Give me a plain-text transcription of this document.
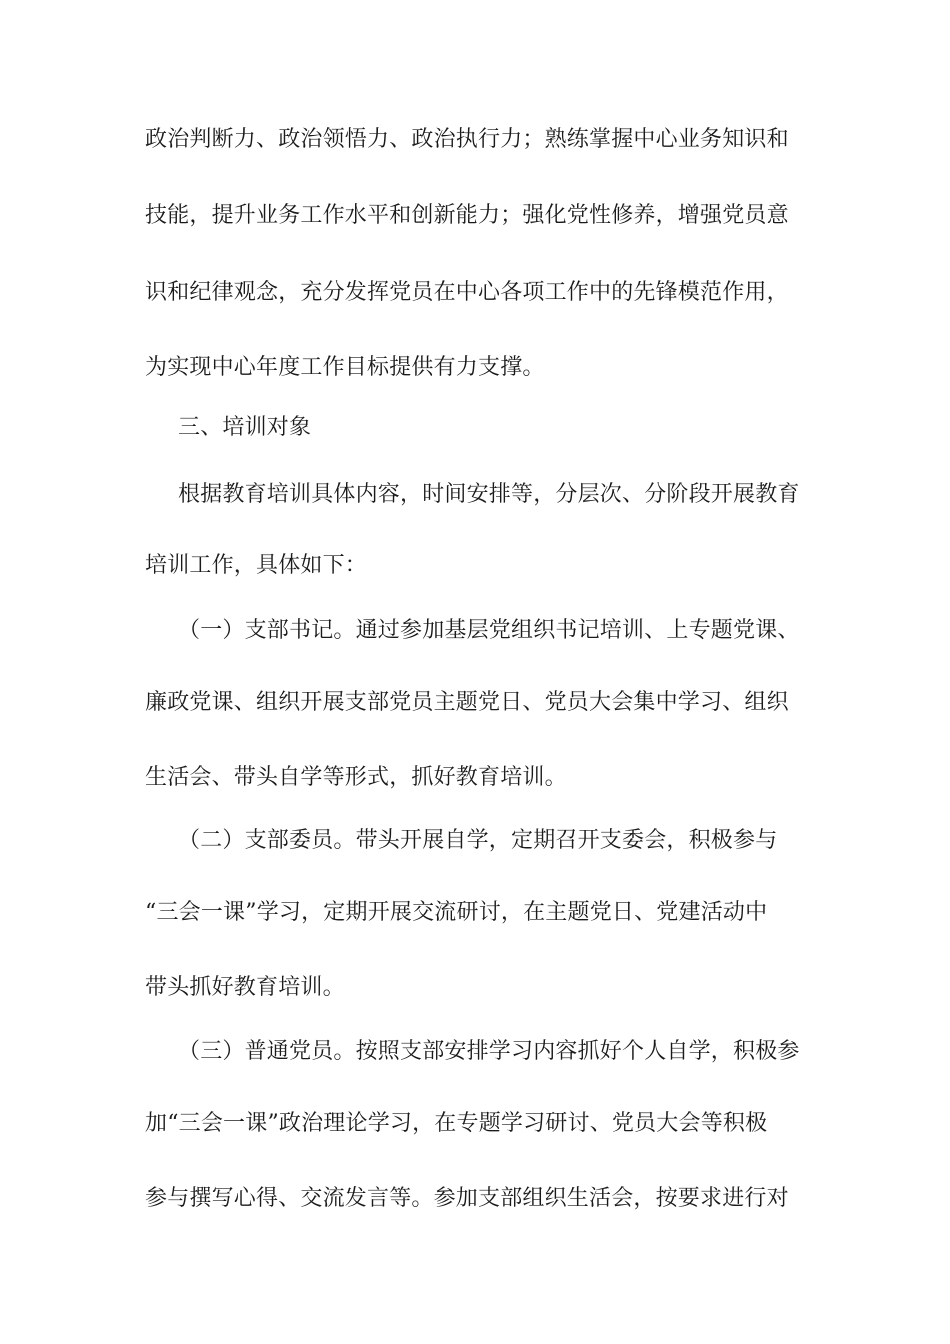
政治判断力、政治领悟力、政治执行力；熟练掌握中心业务知识和
技能，提升业务工作水平和创新能力；强化党性修养，增强党员意
识和纪律观念，充分发挥党员在中心各项工作中的先锋模范作用，
为实现中心年度工作目标提供有力支撑。
三、培训对象
根据教育培训具体内容，时间安排等，分层次、分阶段开展教育
培训工作，具体如下：
（一）支部书记。通过参加基层党组织书记培训、上专题党课、
廉政党课、组织开展支部党员主题党日、党员大会集中学习、组织
生活会、带头自学等形式，抓好教育培训。
（二）支部委员。带头开展自学，定期召开支委会，积极参与
“三会一课”学习，定期开展交流研讨，在主题党日、党建活动中
带头抓好教育培训。
（三）普通党员。按照支部安排学习内容抓好个人自学，积极参
加“三会一课”政治理论学习，在专题学习研讨、党员大会等积极
参与撰写心得、交流发言等。参加支部组织生活会，按要求进行对
